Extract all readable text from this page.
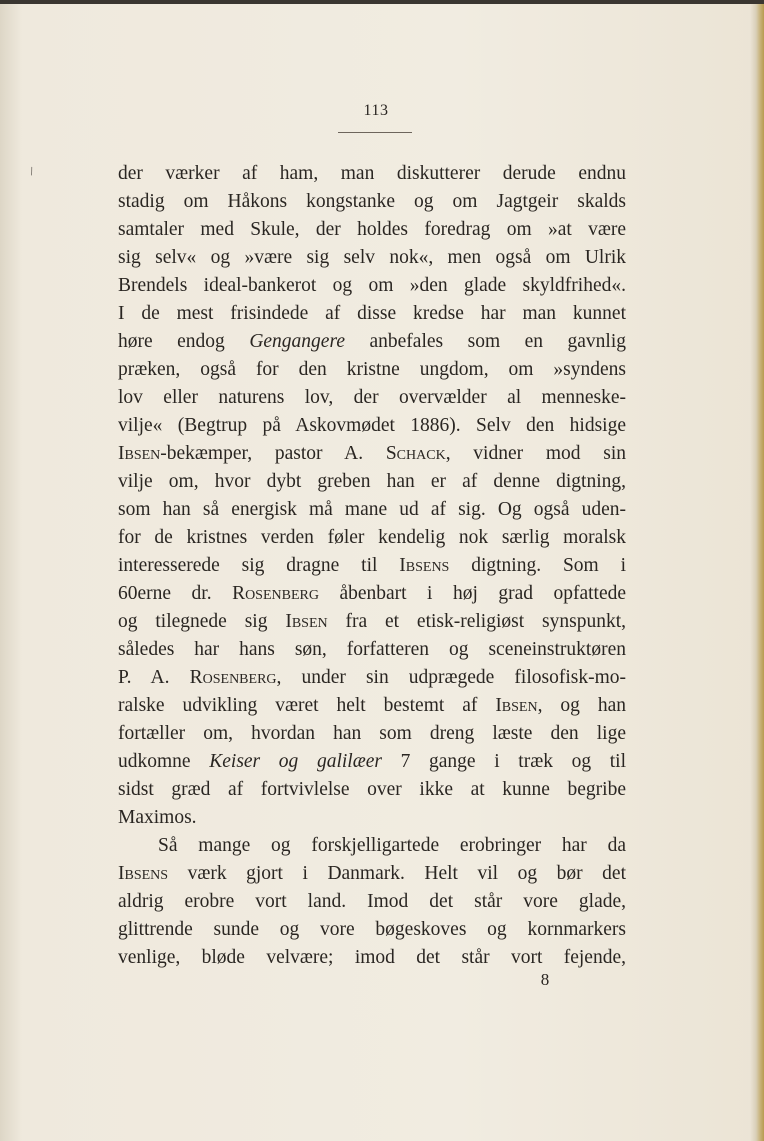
113
\	der værker af ham, man diskutterer derude endnu
stadig om Håkons kongstanke og om Jagtgeir skalds
samtaler med Skule, der holdes foredrag om »at være
sig selv« og »være sig selv nok«, men også om Ulrik
Brendels ideal-bankerot og om »den glade skyldfrihed«.
I de mest frisindede af disse kredse har man kunnet
høre endog Gengangere anbefales som en gavnlig
præken, også for den kristne ungdom, om »syndens
lov eller naturens lov, der overvælder al menneske-
vilje« (Begtrup på Askovmødet 1886). Selv den hidsige
Ibsen-bekæmper, pastor A. Schack, vidner mod sin
vilje om, hvor dybt greben han er af denne digtning,
som han så energisk må mane ud af sig. Og også uden-
for de kristnes verden føler kendelig nok særlig moralsk
interesserede sig dragne til Ibsens digtning. Som i
60erne dr. Rosenberg åbenbart i høj grad opfattede
og tilegnede sig Ibsen fra et etisk-religiøst synspunkt,
således har hans søn, forfatteren og sceneinstruktøren
P. A. Rosenberg, under sin udprægede filosofisk-mo-
ralske udvikling været helt bestemt af Ibsen, og han
fortæller om, hvordan han som dreng læste den lige
udkomne Keiser og galilæer 7 gange i træk og til
sidst græd af fortvivlelse over ikke at kunne begribe
Maximos.
Så mange og forskjelligartede erobringer har da
Ibsens værk gjort i Danmark. Helt vil og bør det
aldrig erobre vort land. Imod det står vore glade,
glittrende sunde og vore bøgeskoves og kornmarkers
venlige, bløde velvære; imod det står vort fejende,
8
